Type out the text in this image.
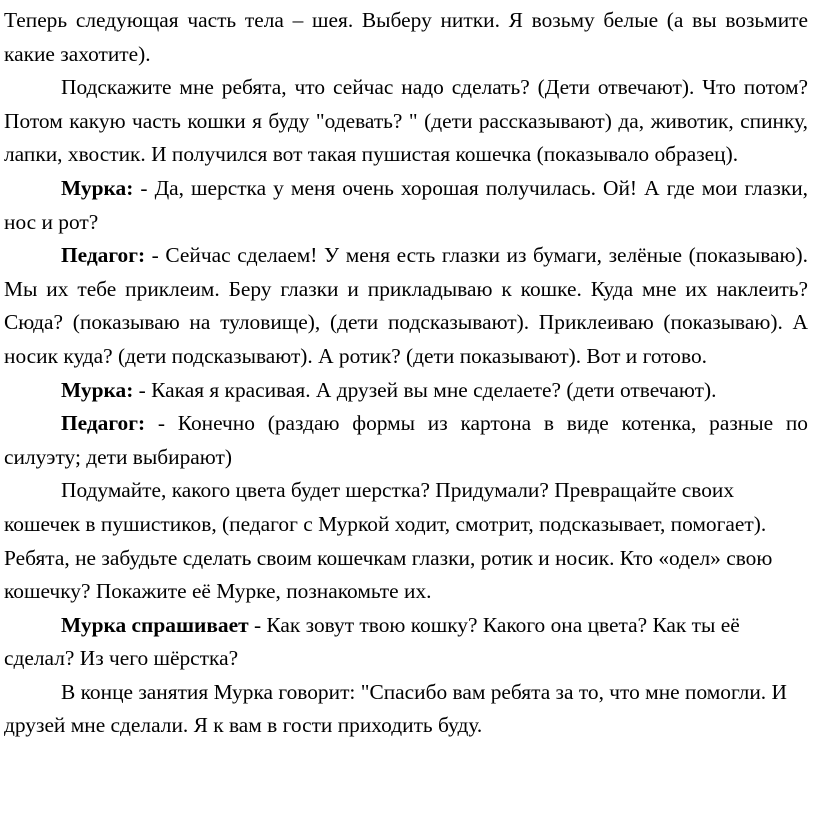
Теперь следующая часть тела – шея. Выберу нитки. Я возьму белые (а вы возьмите какие захотите).

Подскажите мне ребята, что сейчас надо сделать? (Дети отвечают). Что потом? Потом какую часть кошки я буду "одевать? " (дети рассказывают) да, животик, спинку, лапки, хвостик. И получился вот такая пушистая кошечка (показывало образец).

Мурка: - Да, шерстка у меня очень хорошая получилась. Ой! А где мои глазки, нос и рот?

Педагог: - Сейчас сделаем! У меня есть глазки из бумаги, зелёные (показываю). Мы их тебе приклеим. Беру глазки и прикладываю к кошке. Куда мне их наклеить? Сюда? (показываю на туловище), (дети подсказывают). Приклеиваю (показываю). А носик куда? (дети подсказывают). А ротик? (дети показывают). Вот и готово.

Мурка: - Какая я красивая. А друзей вы мне сделаете? (дети отвечают).

Педагог: - Конечно (раздаю формы из картона в виде котенка, разные по силуэту; дети выбирают)

Подумайте, какого цвета будет шерстка? Придумали? Превращайте своих кошечек в пушистиков, (педагог с Муркой ходит, смотрит, подсказывает, помогает). Ребята, не забудьте сделать своим кошечкам глазки, ротик и носик. Кто «одел» свою кошечку? Покажите её Мурке, познакомьте их.

Мурка спрашивает - Как зовут твою кошку? Какого она цвета? Как ты её сделал? Из чего шёрстка?

В конце занятия Мурка говорит: "Спасибо вам ребята за то, что мне помогли. И друзей мне сделали. Я к вам в гости приходить буду.
